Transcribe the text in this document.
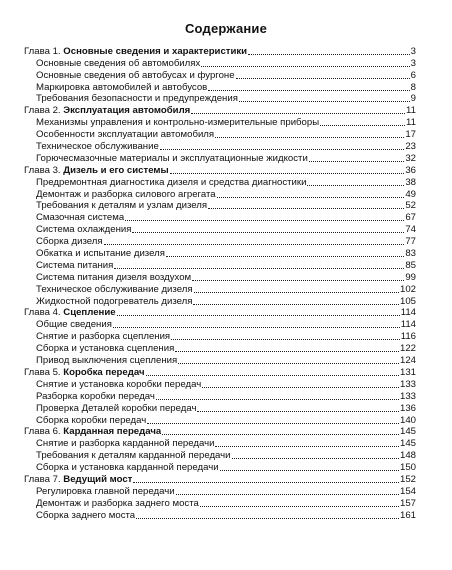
Содержание
Глава 1. Основные сведения и характеристики	3
Основные сведения об автомобилях	3
Основные сведения об автобусах и фургоне	6
Маркировка автомобилей и автобусов	8
Требования безопасности и предупреждения	9
Глава 2. Эксплуатация автомобиля	11
Механизмы управления и контрольно-измерительные приборы	11
Особенности эксплуатации автомобиля	17
Техническое обслуживание	23
Горючесмазочные материалы и эксплуатационные жидкости	32
Глава 3. Дизель и его системы	36
Предремонтная диагностика дизеля и средства диагностики	38
Демонтаж и разборка силового агрегата	49
Требования к деталям и узлам дизеля	52
Смазочная система	67
Система охлаждения	74
Сборка дизеля	77
Обкатка и испытание дизеля	83
Система питания	85
Система питания дизеля воздухом	99
Техническое обслуживание дизеля	102
Жидкостной подогреватель дизеля	105
Глава 4. Сцепление	114
Общие сведения	114
Снятие и разборка сцепления	116
Сборка и установка сцепления	122
Привод выключения сцепления	124
Глава 5. Коробка передач	131
Снятие и установка коробки передач	133
Разборка коробки передач	133
Проверка Деталей коробки передач	136
Сборка коробки передач	140
Глава 6. Карданная передача	145
Снятие и разборка карданной передачи	145
Требования к деталям карданной передачи	148
Сборка и установка карданной передачи	150
Глава 7. Ведущий мост	152
Регулировка главной передачи	154
Демонтаж и разборка заднего моста	157
Сборка заднего моста	161
